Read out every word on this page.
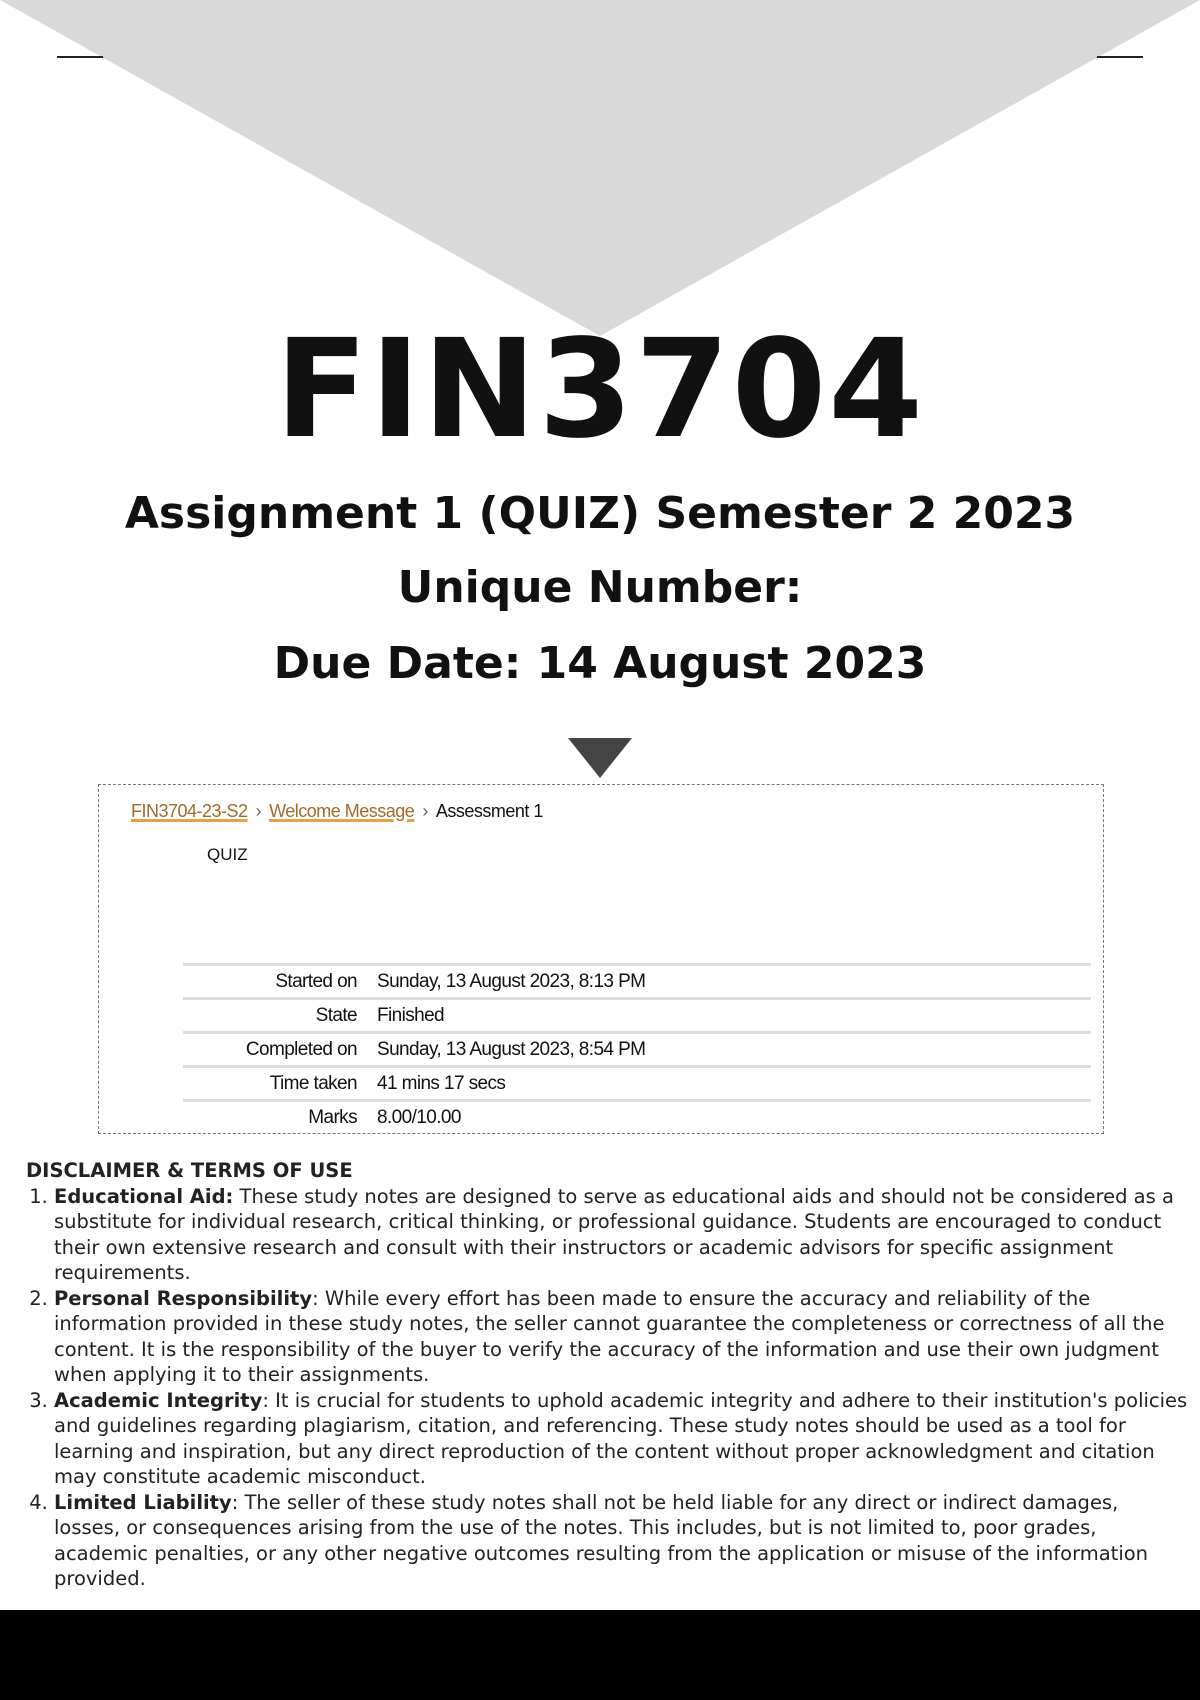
FIN3704
Assignment 1 (QUIZ) Semester 2 2023
Unique Number:
Due Date: 14 August 2023
FIN3704-23-S2 › Welcome Message › Assessment 1
QUIZ
Started on	Sunday, 13 August 2023, 8:13 PM
State	Finished
Completed on	Sunday, 13 August 2023, 8:54 PM
Time taken	41 mins 17 secs
Marks	8.00/10.00
DISCLAIMER & TERMS OF USE
1. Educational Aid: These study notes are designed to serve as educational aids and should not be considered as a substitute for individual research, critical thinking, or professional guidance. Students are encouraged to conduct their own extensive research and consult with their instructors or academic advisors for specific assignment requirements.
2. Personal Responsibility: While every effort has been made to ensure the accuracy and reliability of the information provided in these study notes, the seller cannot guarantee the completeness or correctness of all the content. It is the responsibility of the buyer to verify the accuracy of the information and use their own judgment when applying it to their assignments.
3. Academic Integrity: It is crucial for students to uphold academic integrity and adhere to their institution's policies and guidelines regarding plagiarism, citation, and referencing. These study notes should be used as a tool for learning and inspiration, but any direct reproduction of the content without proper acknowledgment and citation may constitute academic misconduct.
4. Limited Liability: The seller of these study notes shall not be held liable for any direct or indirect damages, losses, or consequences arising from the use of the notes. This includes, but is not limited to, poor grades, academic penalties, or any other negative outcomes resulting from the application or misuse of the information provided.
